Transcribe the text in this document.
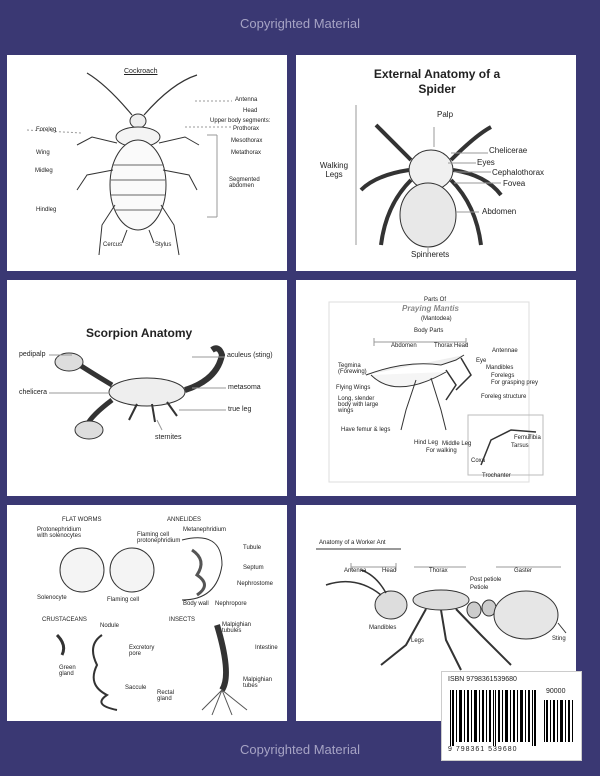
Copyrighted Material
Copyrighted Material
Cockroach
Antenna
Head
Upper body segments:
Prothorax
Mesothorax
Metathorax
Segmented abdomen
Foreleg
Wing
Midleg
Hindleg
Cercus	Stylus
External Anatomy of a Spider
Palp
Chelicerae
Eyes
Cephalothorax
Fovea
Abdomen
Walking Legs
Spinnerets
Scorpion Anatomy
pedipalp
chelicera
aculeus (sting)
metasoma
true leg
sternites
Parts Of
Praying Mantis
(Mantodea)
Body Parts
Abdomen	Thorax Head
Antennae
Eye
Tegmina (Forewing)
Flying Wings
Mandibles
Forelegs
For grasping prey
Long, slender body with large wings
Foreleg structure
Have femur & legs
Hind Leg Middle Leg
For walking
Femur
Tibia
Tarsus
Coxa
Trochanter
FLAT WORMS	ANNELIDES
CRUSTACEANS	INSECTS
Protonephridium with solenocytes	Flaming cell protonephridium
Solenocyte	Flaming cell
Metanephridium
Tubule
Septum
Nephrostome
Body wall Nephropore
Nodule
Excretory pore
Green gland
Saccule
Malpighian tubules
Intestine
Rectal gland
Malpighian tubes
Anatomy of a Worker Ant
Antenna	Head	Thorax	Gaster
Post petiole
Petiole
Mandibles
Legs	Sting
ISBN 9798361539680
90000
9 798361 539680
